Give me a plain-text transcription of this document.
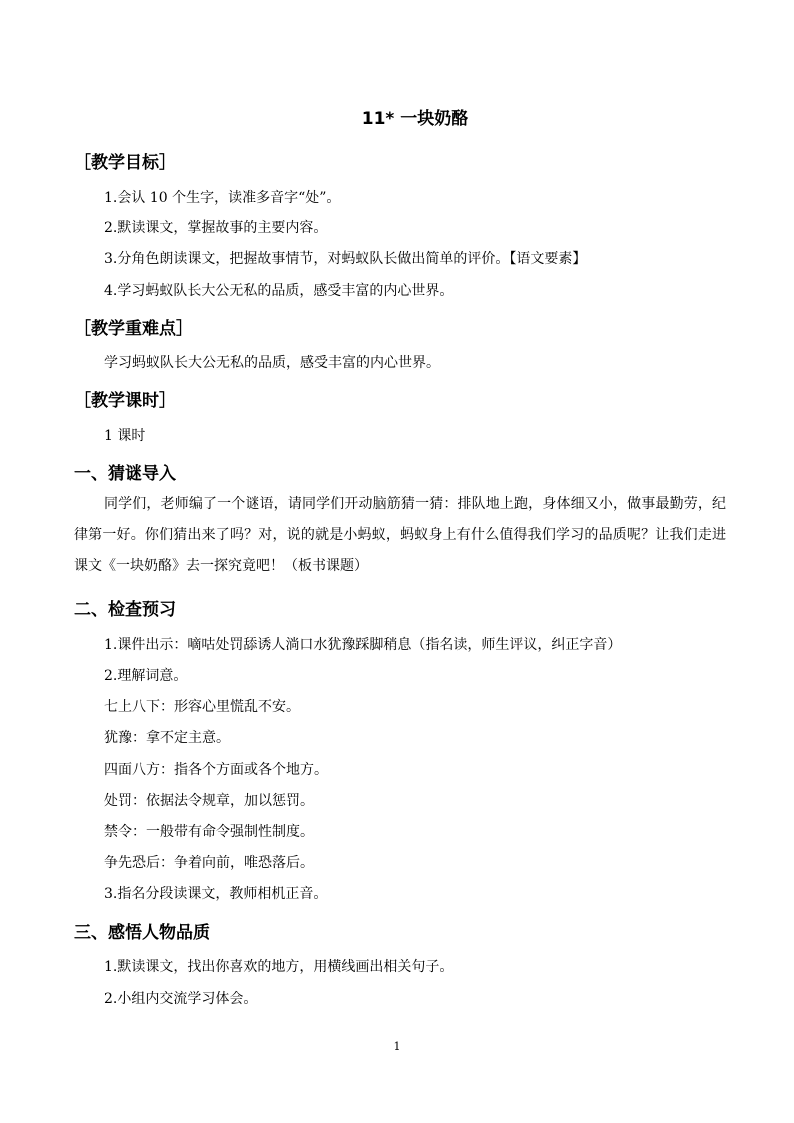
11* 一块奶酪
［教学目标］
1.会认 10 个生字，读准多音字“处”。
2.默读课文，掌握故事的主要内容。
3.分角色朗读课文，把握故事情节，对蚂蚁队长做出简单的评价。【语文要素】
4.学习蚂蚁队长大公无私的品质，感受丰富的内心世界。
［教学重难点］
学习蚂蚁队长大公无私的品质，感受丰富的内心世界。
［教学课时］
1 课时
一、猜谜导入
同学们，老师编了一个谜语，请同学们开动脑筋猜一猜：排队地上跑，身体细又小，做事最勤劳，纪律第一好。你们猜出来了吗？对，说的就是小蚂蚁，蚂蚁身上有什么值得我们学习的品质呢？让我们走进课文《一块奶酪》去一探究竟吧！（板书课题）
二、检查预习
1.课件出示：嘀咕处罚舔诱人淌口水犹豫踩脚稍息（指名读，师生评议，纠正字音）
2.理解词意。
七上八下：形容心里慌乱不安。
犹豫：拿不定主意。
四面八方：指各个方面或各个地方。
处罚：依据法令规章，加以惩罚。
禁令：一般带有命令强制性制度。
争先恐后：争着向前，唯恐落后。
3.指名分段读课文，教师相机正音。
三、感悟人物品质
1.默读课文，找出你喜欢的地方，用横线画出相关句子。
2.小组内交流学习体会。
1
